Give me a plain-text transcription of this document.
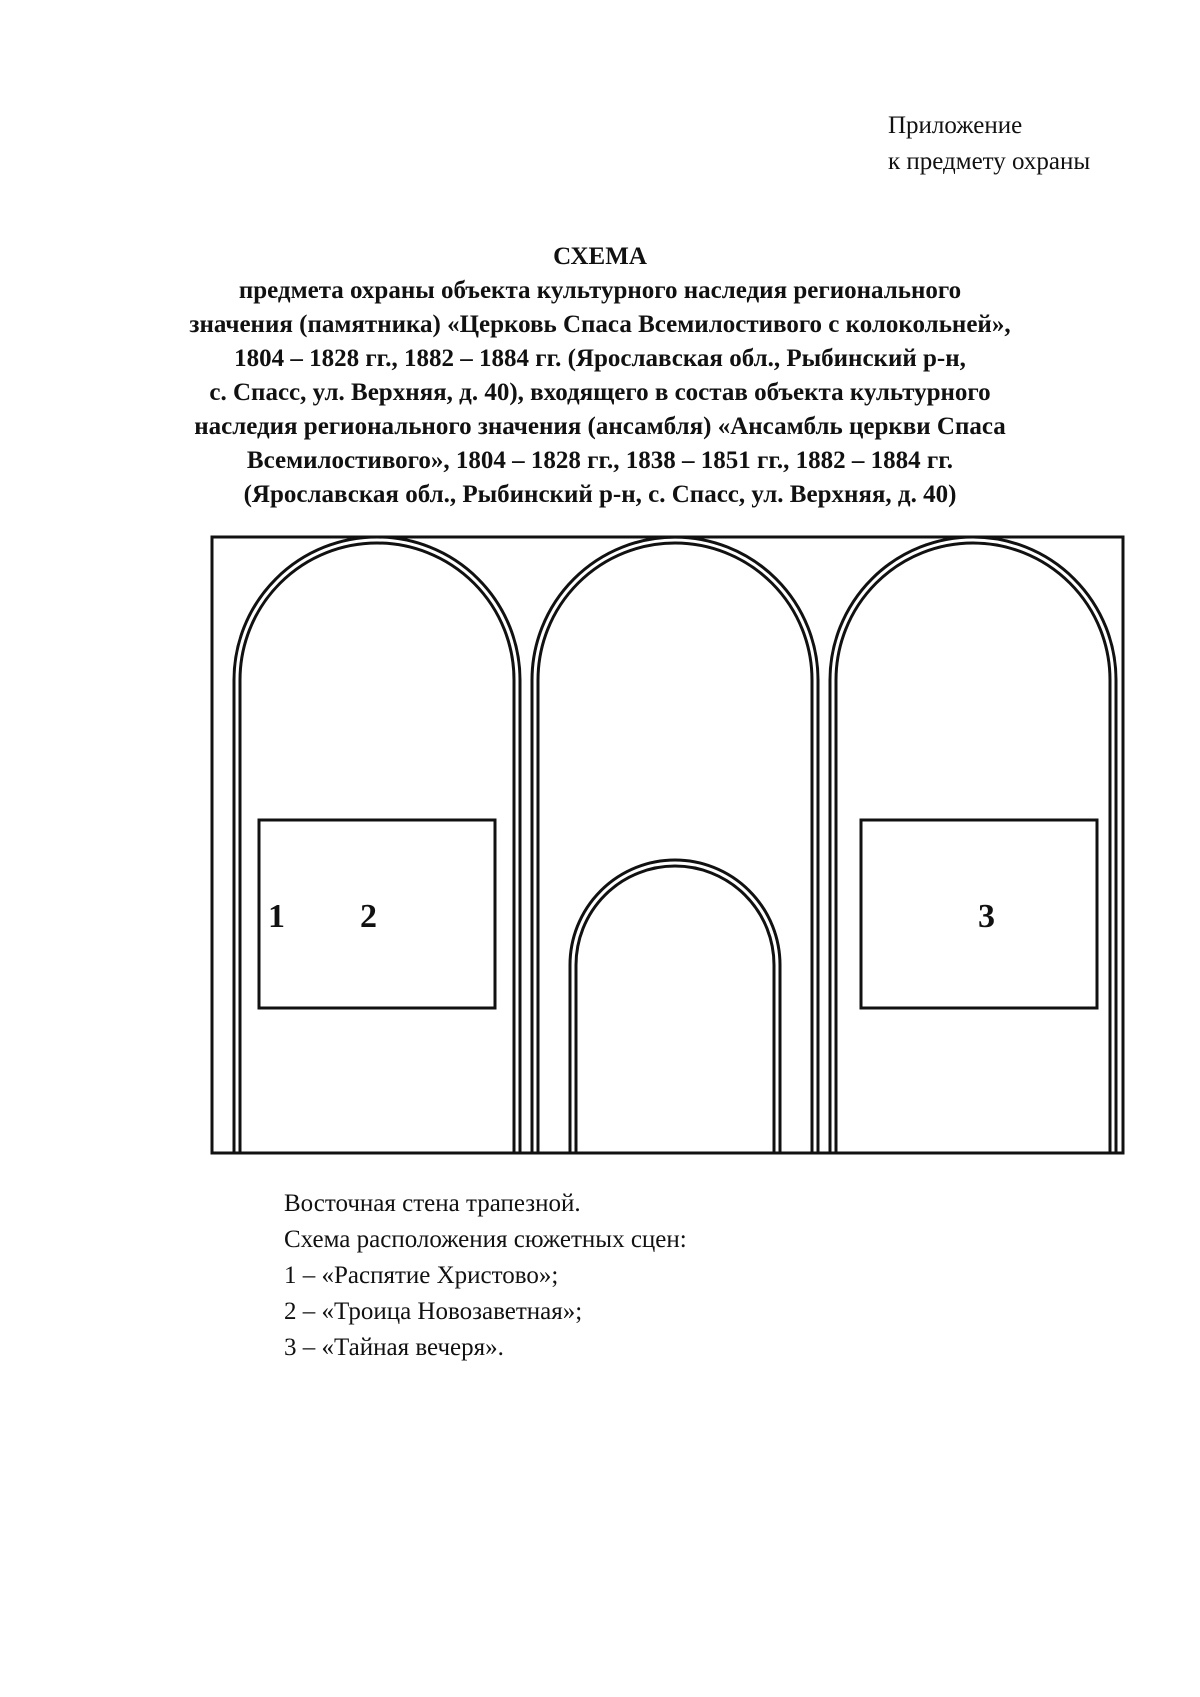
Приложение
к предмету охраны
СХЕМА
предмета охраны объекта культурного наследия регионального
значения (памятника) «Церковь Спаса Всемилостивого с колокольней»,
1804 – 1828 гг., 1882 – 1884 гг. (Ярославская обл., Рыбинский р-н,
с. Спасс, ул. Верхняя, д. 40), входящего в состав объекта культурного
наследия регионального значения (ансамбля) «Ансамбль церкви Спаса
Всемилостивого», 1804 – 1828 гг., 1838 – 1851 гг., 1882 – 1884 гг.
(Ярославская обл., Рыбинский р-н, с. Спасс, ул. Верхняя, д. 40)
1 2	3
Восточная стена трапезной.
Схема расположения сюжетных сцен:
1 – «Распятие Христово»;
2 – «Троица Новозаветная»;
3 – «Тайная вечеря».
